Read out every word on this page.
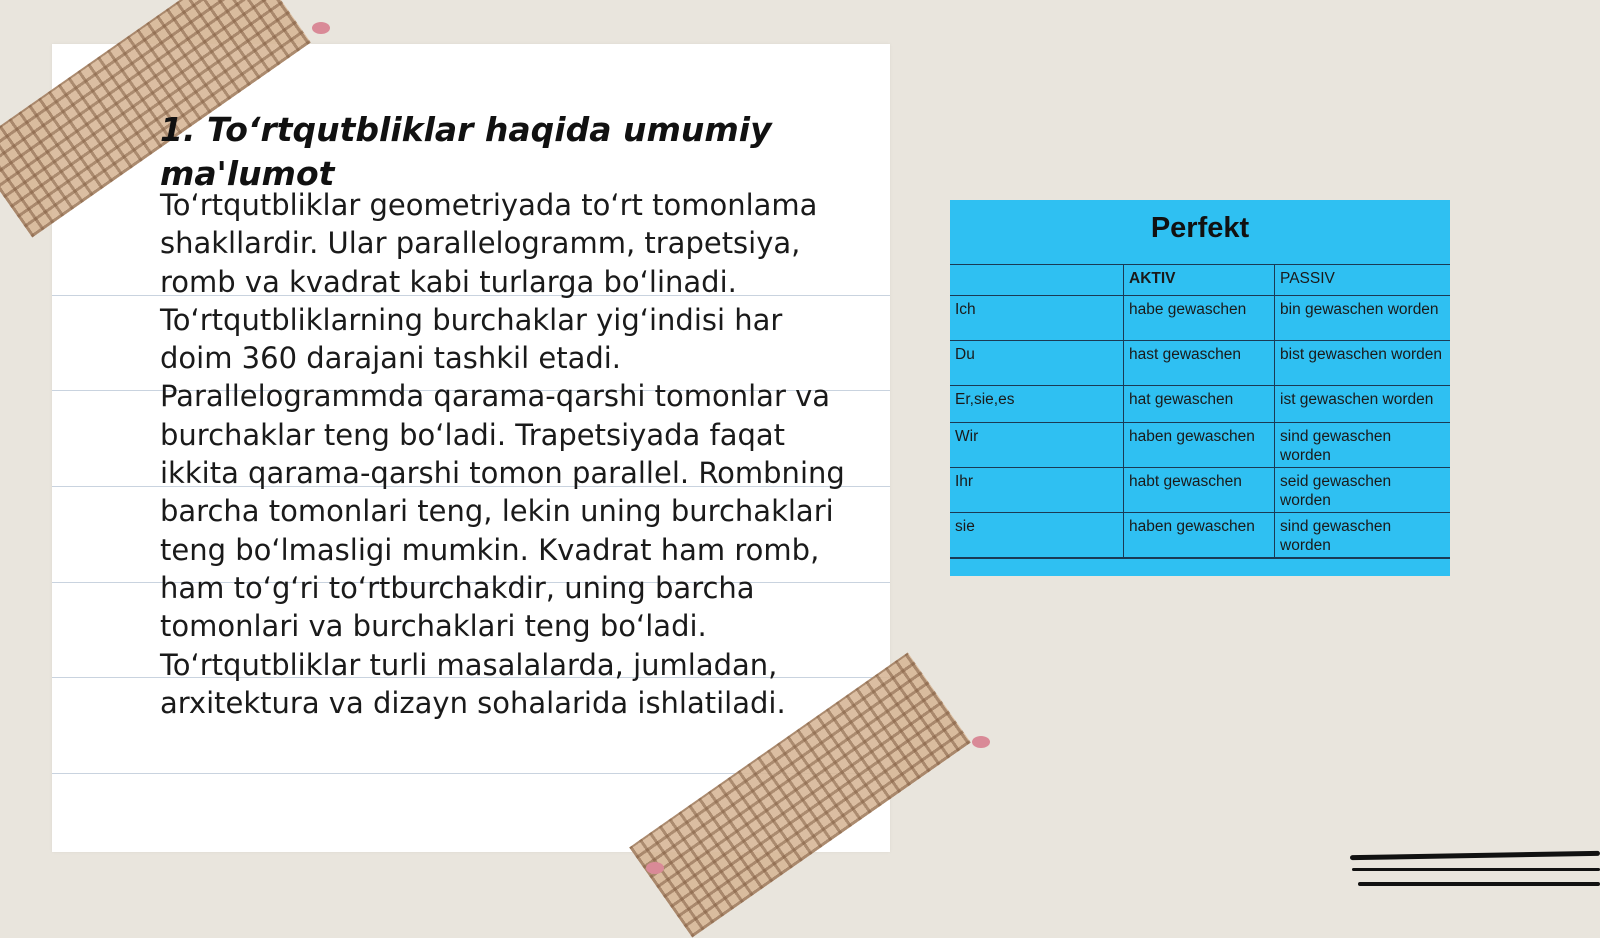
1. To‘rtqutbliklar haqida umumiy ma'lumot

To‘rtqutbliklar geometriyada to‘rt tomonlama shakllardir. Ular parallelogramm, trapetsiya, romb va kvadrat kabi turlarga bo‘linadi. To‘rtqutbliklarning burchaklar yig‘indisi har doim 360 darajani tashkil etadi. Parallelogrammda qarama-qarshi tomonlar va burchaklar teng bo‘ladi. Trapetsiyada faqat ikkita qarama-qarshi tomon parallel. Rombning barcha tomonlari teng, lekin uning burchaklari teng bo‘lmasligi mumkin. Kvadrat ham romb, ham to‘g‘ri to‘rtburchakdir, uning barcha tomonlari va burchaklari teng bo‘ladi. To‘rtqutbliklar turli masalalarda, jumladan, arxitektura va dizayn sohalarida ishlatiladi.

Perfekt
	AKTIV	PASSIV
Ich	habe gewaschen	bin gewaschen worden
Du	hast gewaschen	bist gewaschen worden
Er,sie,es	hat gewaschen	ist gewaschen worden
Wir	haben gewaschen	sind gewaschen worden
Ihr	habt gewaschen	seid gewaschen worden
sie	haben gewaschen	sind gewaschen worden
